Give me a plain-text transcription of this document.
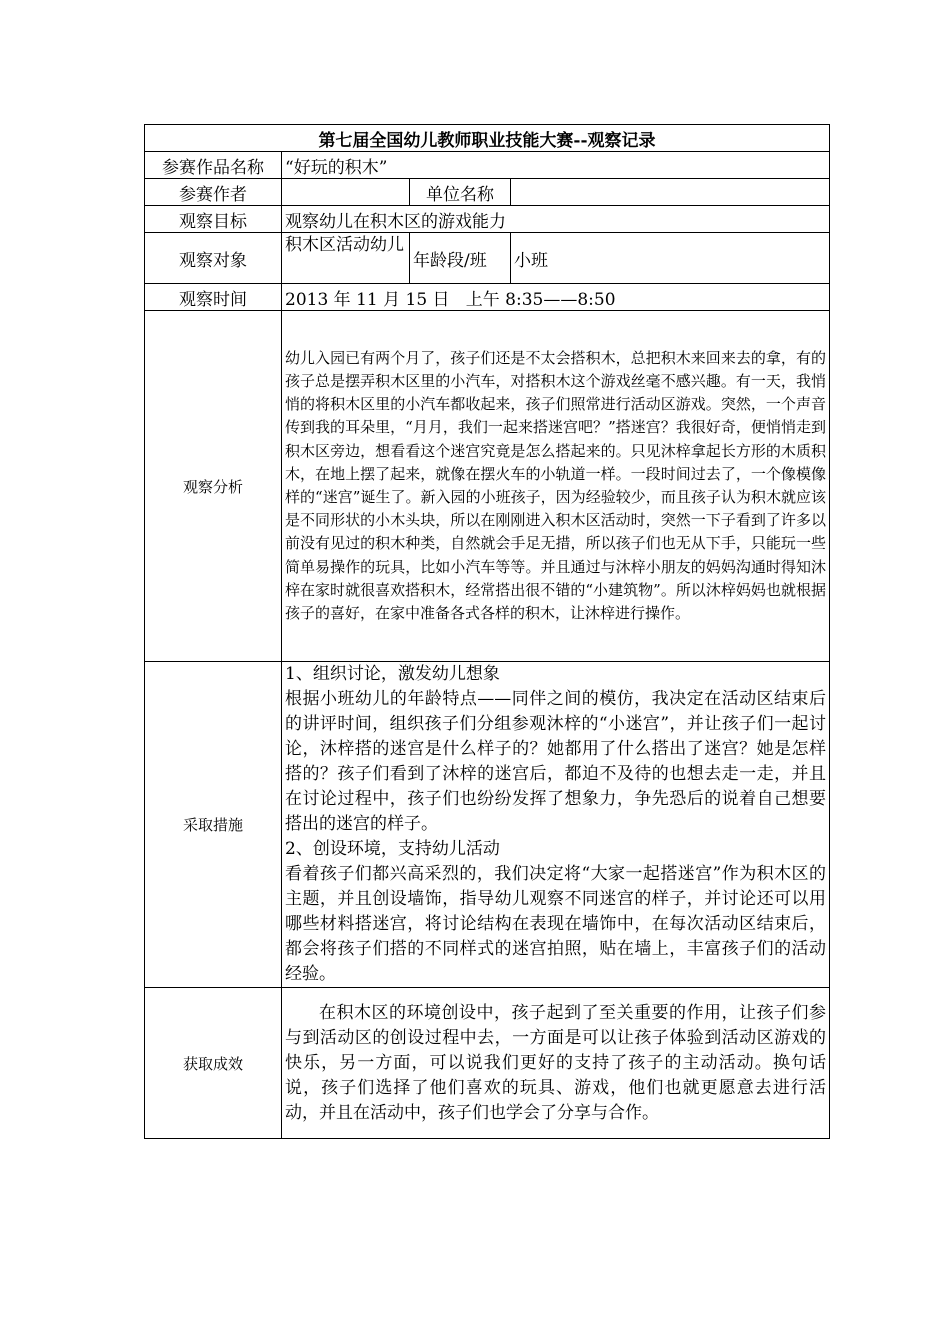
第七届全国幼儿教师职业技能大赛--观察记录			
参赛作品名称	“好玩的积木”		
参赛作者		单位名称	
观察目标	观察幼儿在积木区的游戏能力		
观察对象	积木区活动幼儿	年龄段/班	小班
观察时间	2013 年 11 月 15 日   上午 8:35——8:50		
观察分析	幼儿入园已有两个月了，孩子们还是不太会搭积木，总把积木来回来去的拿，有的孩子总是摆弄积木区里的小汽车，对搭积木这个游戏丝毫不感兴趣。有一天，我悄悄的将积木区里的小汽车都收起来，孩子们照常进行活动区游戏。突然，一个声音传到我的耳朵里，“月月，我们一起来搭迷宫吧？”搭迷宫？我很好奇，便悄悄走到积木区旁边，想看看这个迷宫究竟是怎么搭起来的。只见沐梓拿起长方形的木质积木，在地上摆了起来，就像在摆火车的小轨道一样。一段时间过去了，一个像模像样的“迷宫”诞生了。新入园的小班孩子，因为经验较少，而且孩子认为积木就应该是不同形状的小木头块，所以在刚刚进入积木区活动时，突然一下子看到了许多以前没有见过的积木种类，自然就会手足无措，所以孩子们也无从下手，只能玩一些简单易操作的玩具，比如小汽车等等。并且通过与沐梓小朋友的妈妈沟通时得知沐梓在家时就很喜欢搭积木，经常搭出很不错的“小建筑物”。所以沐梓妈妈也就根据孩子的喜好，在家中准备各式各样的积木，让沐梓进行操作。		
采取措施	1、组织讨论，激发幼儿想象

根据小班幼儿的年龄特点——同伴之间的模仿，我决定在活动区结束后的讲评时间，组织孩子们分组参观沐梓的“小迷宫”，并让孩子们一起讨论，沐梓搭的迷宫是什么样子的？她都用了什么搭出了迷宫？她是怎样搭的？孩子们看到了沐梓的迷宫后，都迫不及待的也想去走一走，并且在讨论过程中，孩子们也纷纷发挥了想象力，争先恐后的说着自己想要搭出的迷宫的样子。

2、创设环境，支持幼儿活动

看着孩子们都兴高采烈的，我们决定将“大家一起搭迷宫”作为积木区的主题，并且创设墙饰，指导幼儿观察不同迷宫的样子，并讨论还可以用哪些材料搭迷宫，将讨论结构在表现在墙饰中，在每次活动区结束后，都会将孩子们搭的不同样式的迷宫拍照，贴在墙上，丰富孩子们的活动经验。		

获取成效	在积木区的环境创设中，孩子起到了至关重要的作用，让孩子们参与到活动区的创设过程中去，一方面是可以让孩子体验到活动区游戏的快乐，另一方面，可以说我们更好的支持了孩子的主动活动。换句话说，孩子们选择了他们喜欢的玩具、游戏，他们也就更愿意去进行活动，并且在活动中，孩子们也学会了分享与合作。		
